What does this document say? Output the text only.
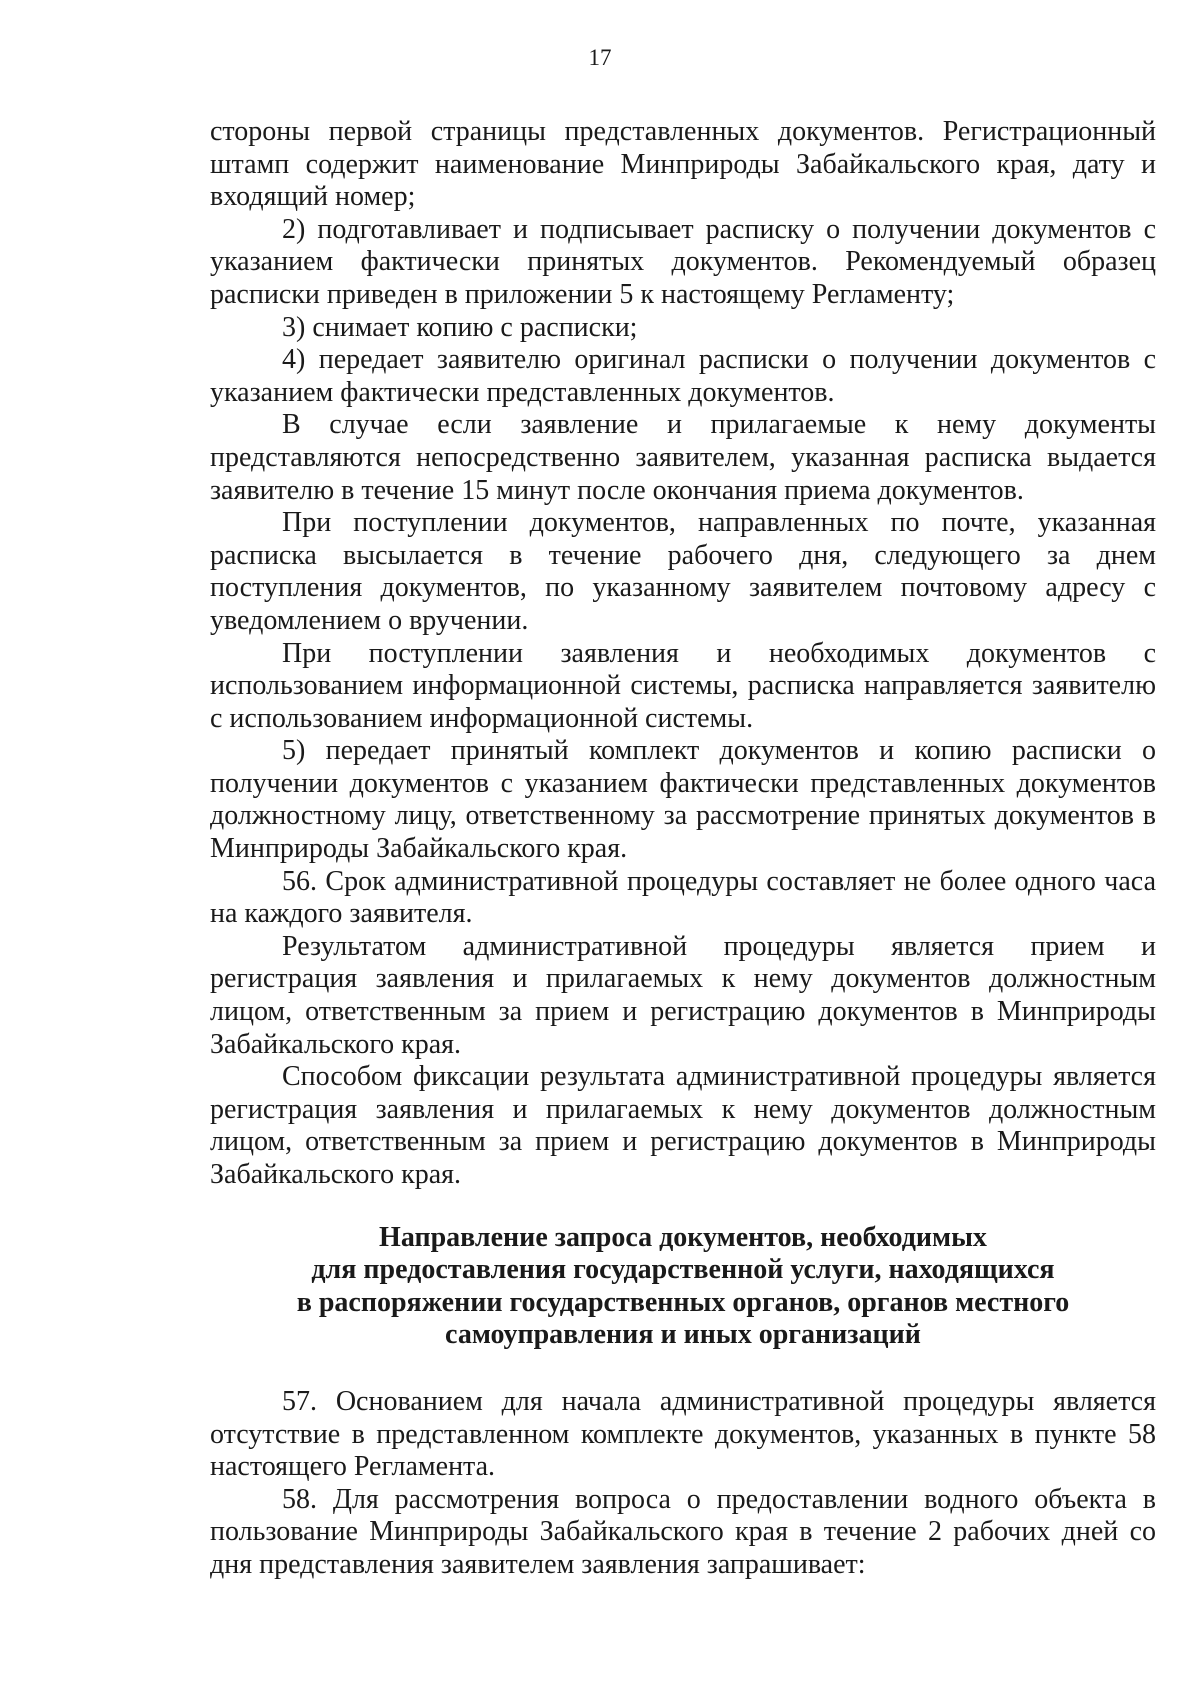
17

стороны первой страницы представленных документов. Регистрационный штамп содержит наименование Минприроды Забайкальского края, дату и входящий номер;

2) подготавливает и подписывает расписку о получении документов с указанием фактически принятых документов. Рекомендуемый образец расписки приведен в приложении 5 к настоящему Регламенту;

3) снимает копию с расписки;

4) передает заявителю оригинал расписки о получении документов с указанием фактически представленных документов.

В случае если заявление и прилагаемые к нему документы представляются непосредственно заявителем, указанная расписка выдается заявителю в течение 15 минут после окончания приема документов.

При поступлении документов, направленных по почте, указанная расписка высылается в течение рабочего дня, следующего за днем поступления документов, по указанному заявителем почтовому адресу с уведомлением о вручении.

При поступлении заявления и необходимых документов с использованием информационной системы, расписка направляется заявителю с использованием информационной системы.

5) передает принятый комплект документов и копию расписки о получении документов с указанием фактически представленных документов должностному лицу, ответственному за рассмотрение принятых документов в Минприроды Забайкальского края.

56. Срок административной процедуры составляет не более одного часа на каждого заявителя.

Результатом административной процедуры является прием и регистрация заявления и прилагаемых к нему документов должностным лицом, ответственным за прием и регистрацию документов в Минприроды Забайкальского края.

Способом фиксации результата административной процедуры является регистрация заявления и прилагаемых к нему документов должностным лицом, ответственным за прием и регистрацию документов в Минприроды Забайкальского края.

Направление запроса документов, необходимых
для предоставления государственной услуги, находящихся
в распоряжении государственных органов, органов местного
самоуправления и иных организаций

57. Основанием для начала административной процедуры является отсутствие в представленном комплекте документов, указанных в пункте 58 настоящего Регламента.

58. Для рассмотрения вопроса о предоставлении водного объекта в пользование Минприроды Забайкальского края в течение 2 рабочих дней со дня представления заявителем заявления запрашивает:
